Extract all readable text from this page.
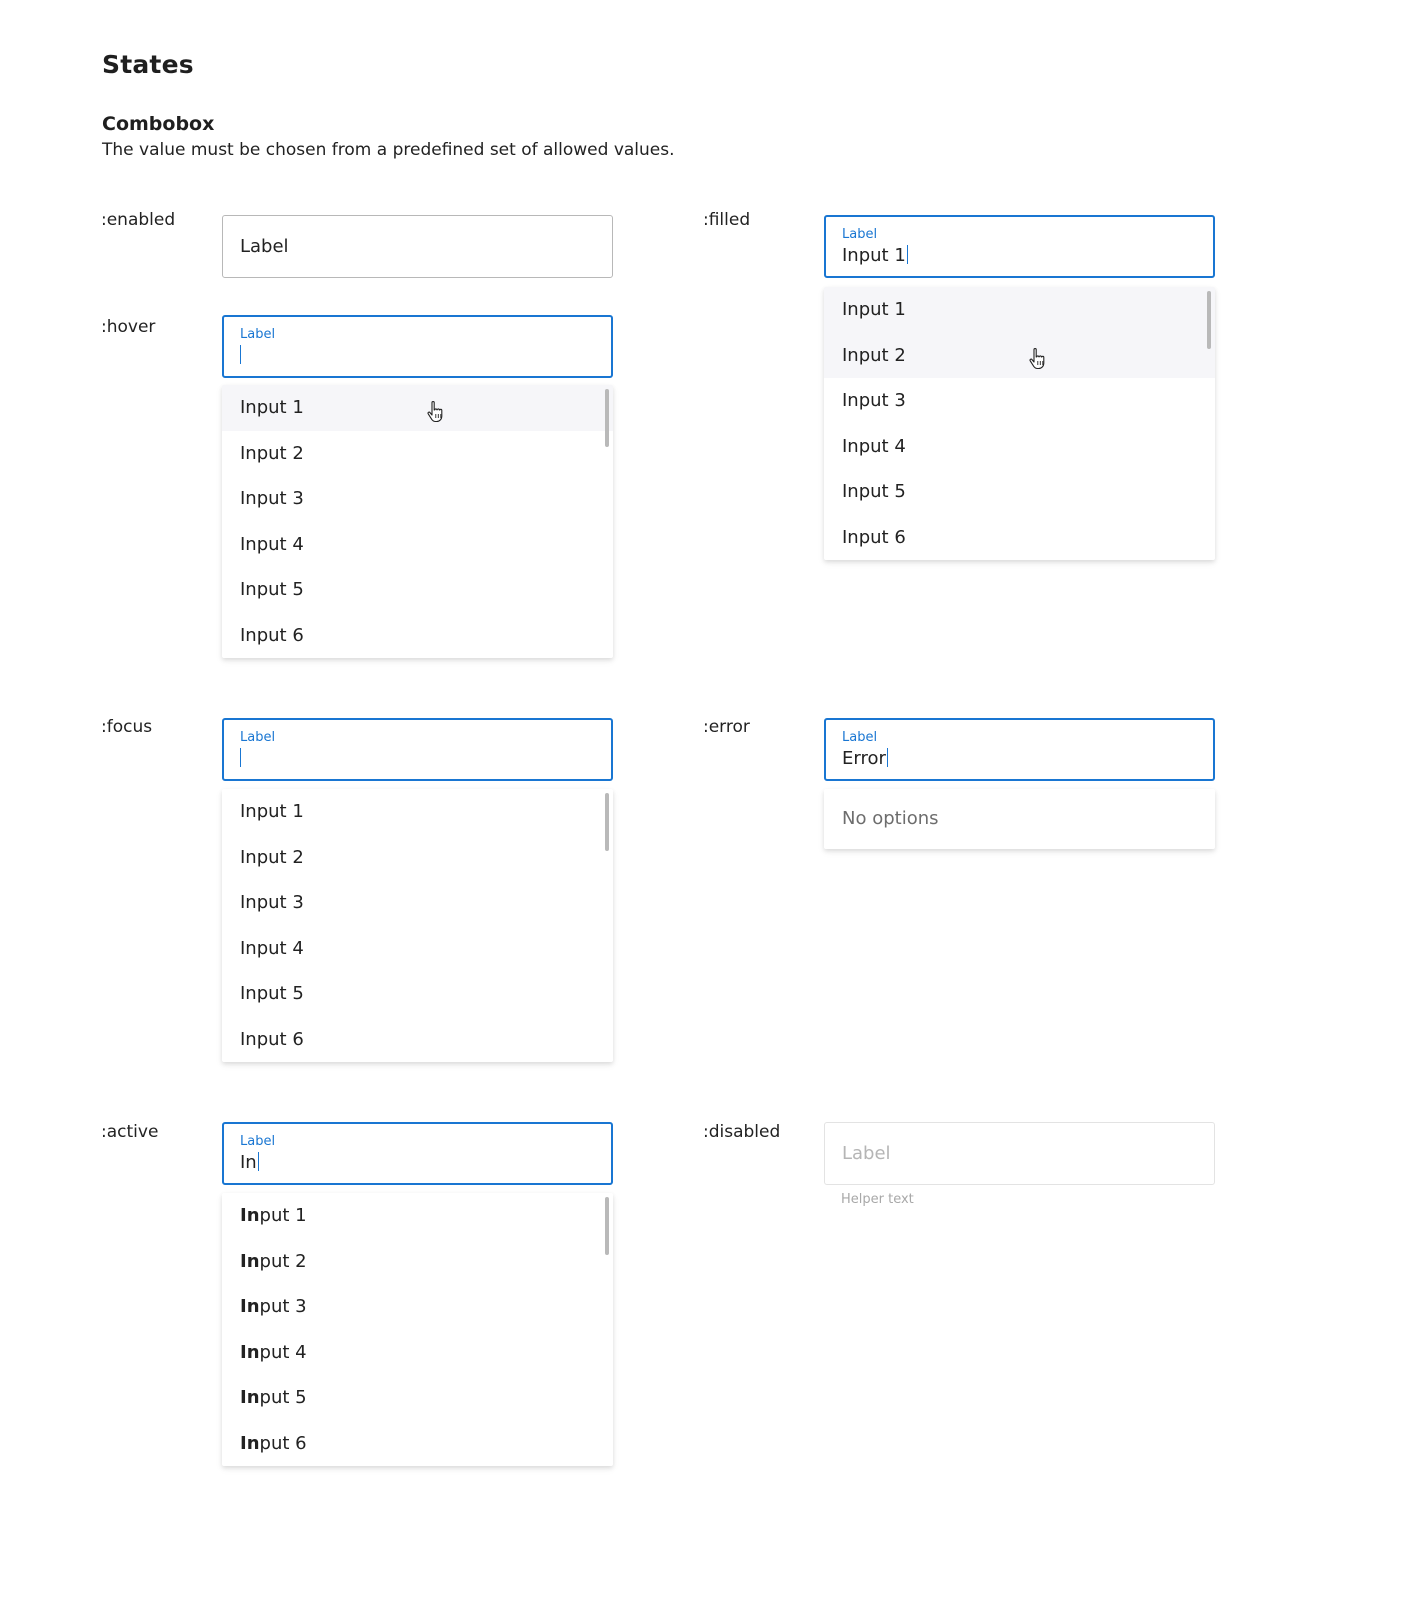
States
Combobox

The value must be chosen from a predefined set of allowed values.

:enabled
Label
:hover	Label
Input 1
Input 2
Input 3
Input 4
Input 5
Input 6
:focus
Label
Input 1
Input 2
Input 3
Input 4
Input 5
Input 6
:active	Label
In
Input 1
Input 2
Input 3
Input 4
Input 5
Input 6
:filled
Label
Input 1
Input 1
Input 2
Input 3
Input 4
Input 5
Input 6
:error
Label
Error
No options
:disabled
Label
Helper text
